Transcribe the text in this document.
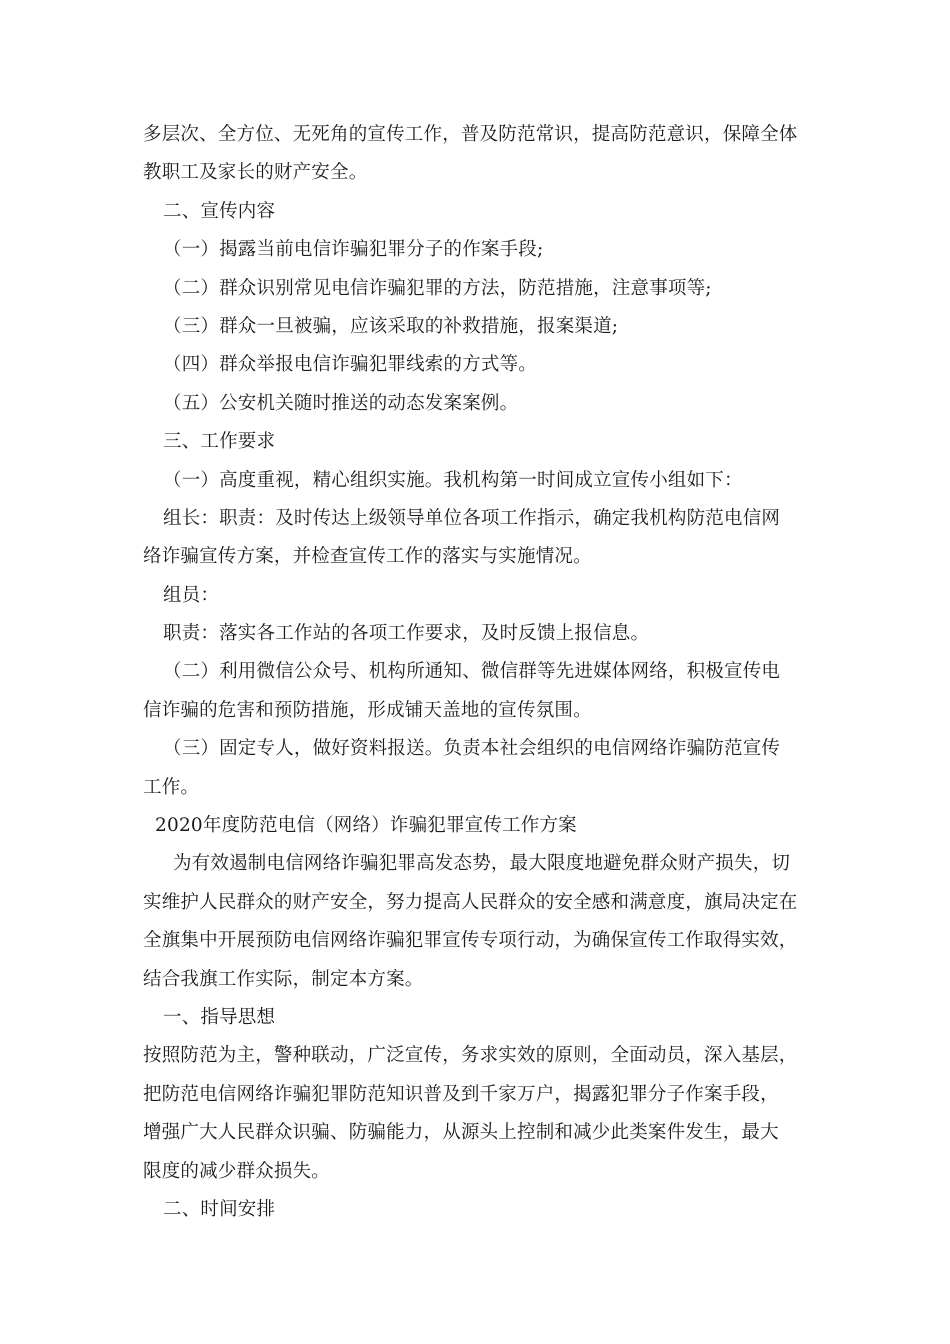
多层次、全方位、无死角的宣传工作，普及防范常识，提高防范意识，保障全体
教职工及家长的财产安全。
二、宣传内容
（一）揭露当前电信诈骗犯罪分子的作案手段;
（二）群众识别常见电信诈骗犯罪的方法，防范措施，注意事项等;
（三）群众一旦被骗，应该采取的补救措施，报案渠道;
（四）群众举报电信诈骗犯罪线索的方式等。
（五）公安机关随时推送的动态发案案例。
三、工作要求
（一）高度重视，精心组织实施。我机构第一时间成立宣传小组如下：
组长：职责：及时传达上级领导单位各项工作指示，确定我机构防范电信网
络诈骗宣传方案，并检查宣传工作的落实与实施情况。
组员：
职责：落实各工作站的各项工作要求，及时反馈上报信息。
（二）利用微信公众号、机构所通知、微信群等先进媒体网络，积极宣传电
信诈骗的危害和预防措施，形成铺天盖地的宣传氛围。
（三）固定专人，做好资料报送。负责本社会组织的电信网络诈骗防范宣传
工作。
2020年度防范电信（网络）诈骗犯罪宣传工作方案
为有效遏制电信网络诈骗犯罪高发态势，最大限度地避免群众财产损失，切
实维护人民群众的财产安全，努力提高人民群众的安全感和满意度，旗局决定在
全旗集中开展预防电信网络诈骗犯罪宣传专项行动，为确保宣传工作取得实效，
结合我旗工作实际，制定本方案。
一、指导思想
按照防范为主，警种联动，广泛宣传，务求实效的原则，全面动员，深入基层，
把防范电信网络诈骗犯罪防范知识普及到千家万户，揭露犯罪分子作案手段，
增强广大人民群众识骗、防骗能力，从源头上控制和减少此类案件发生，最大
限度的减少群众损失。
二、时间安排
